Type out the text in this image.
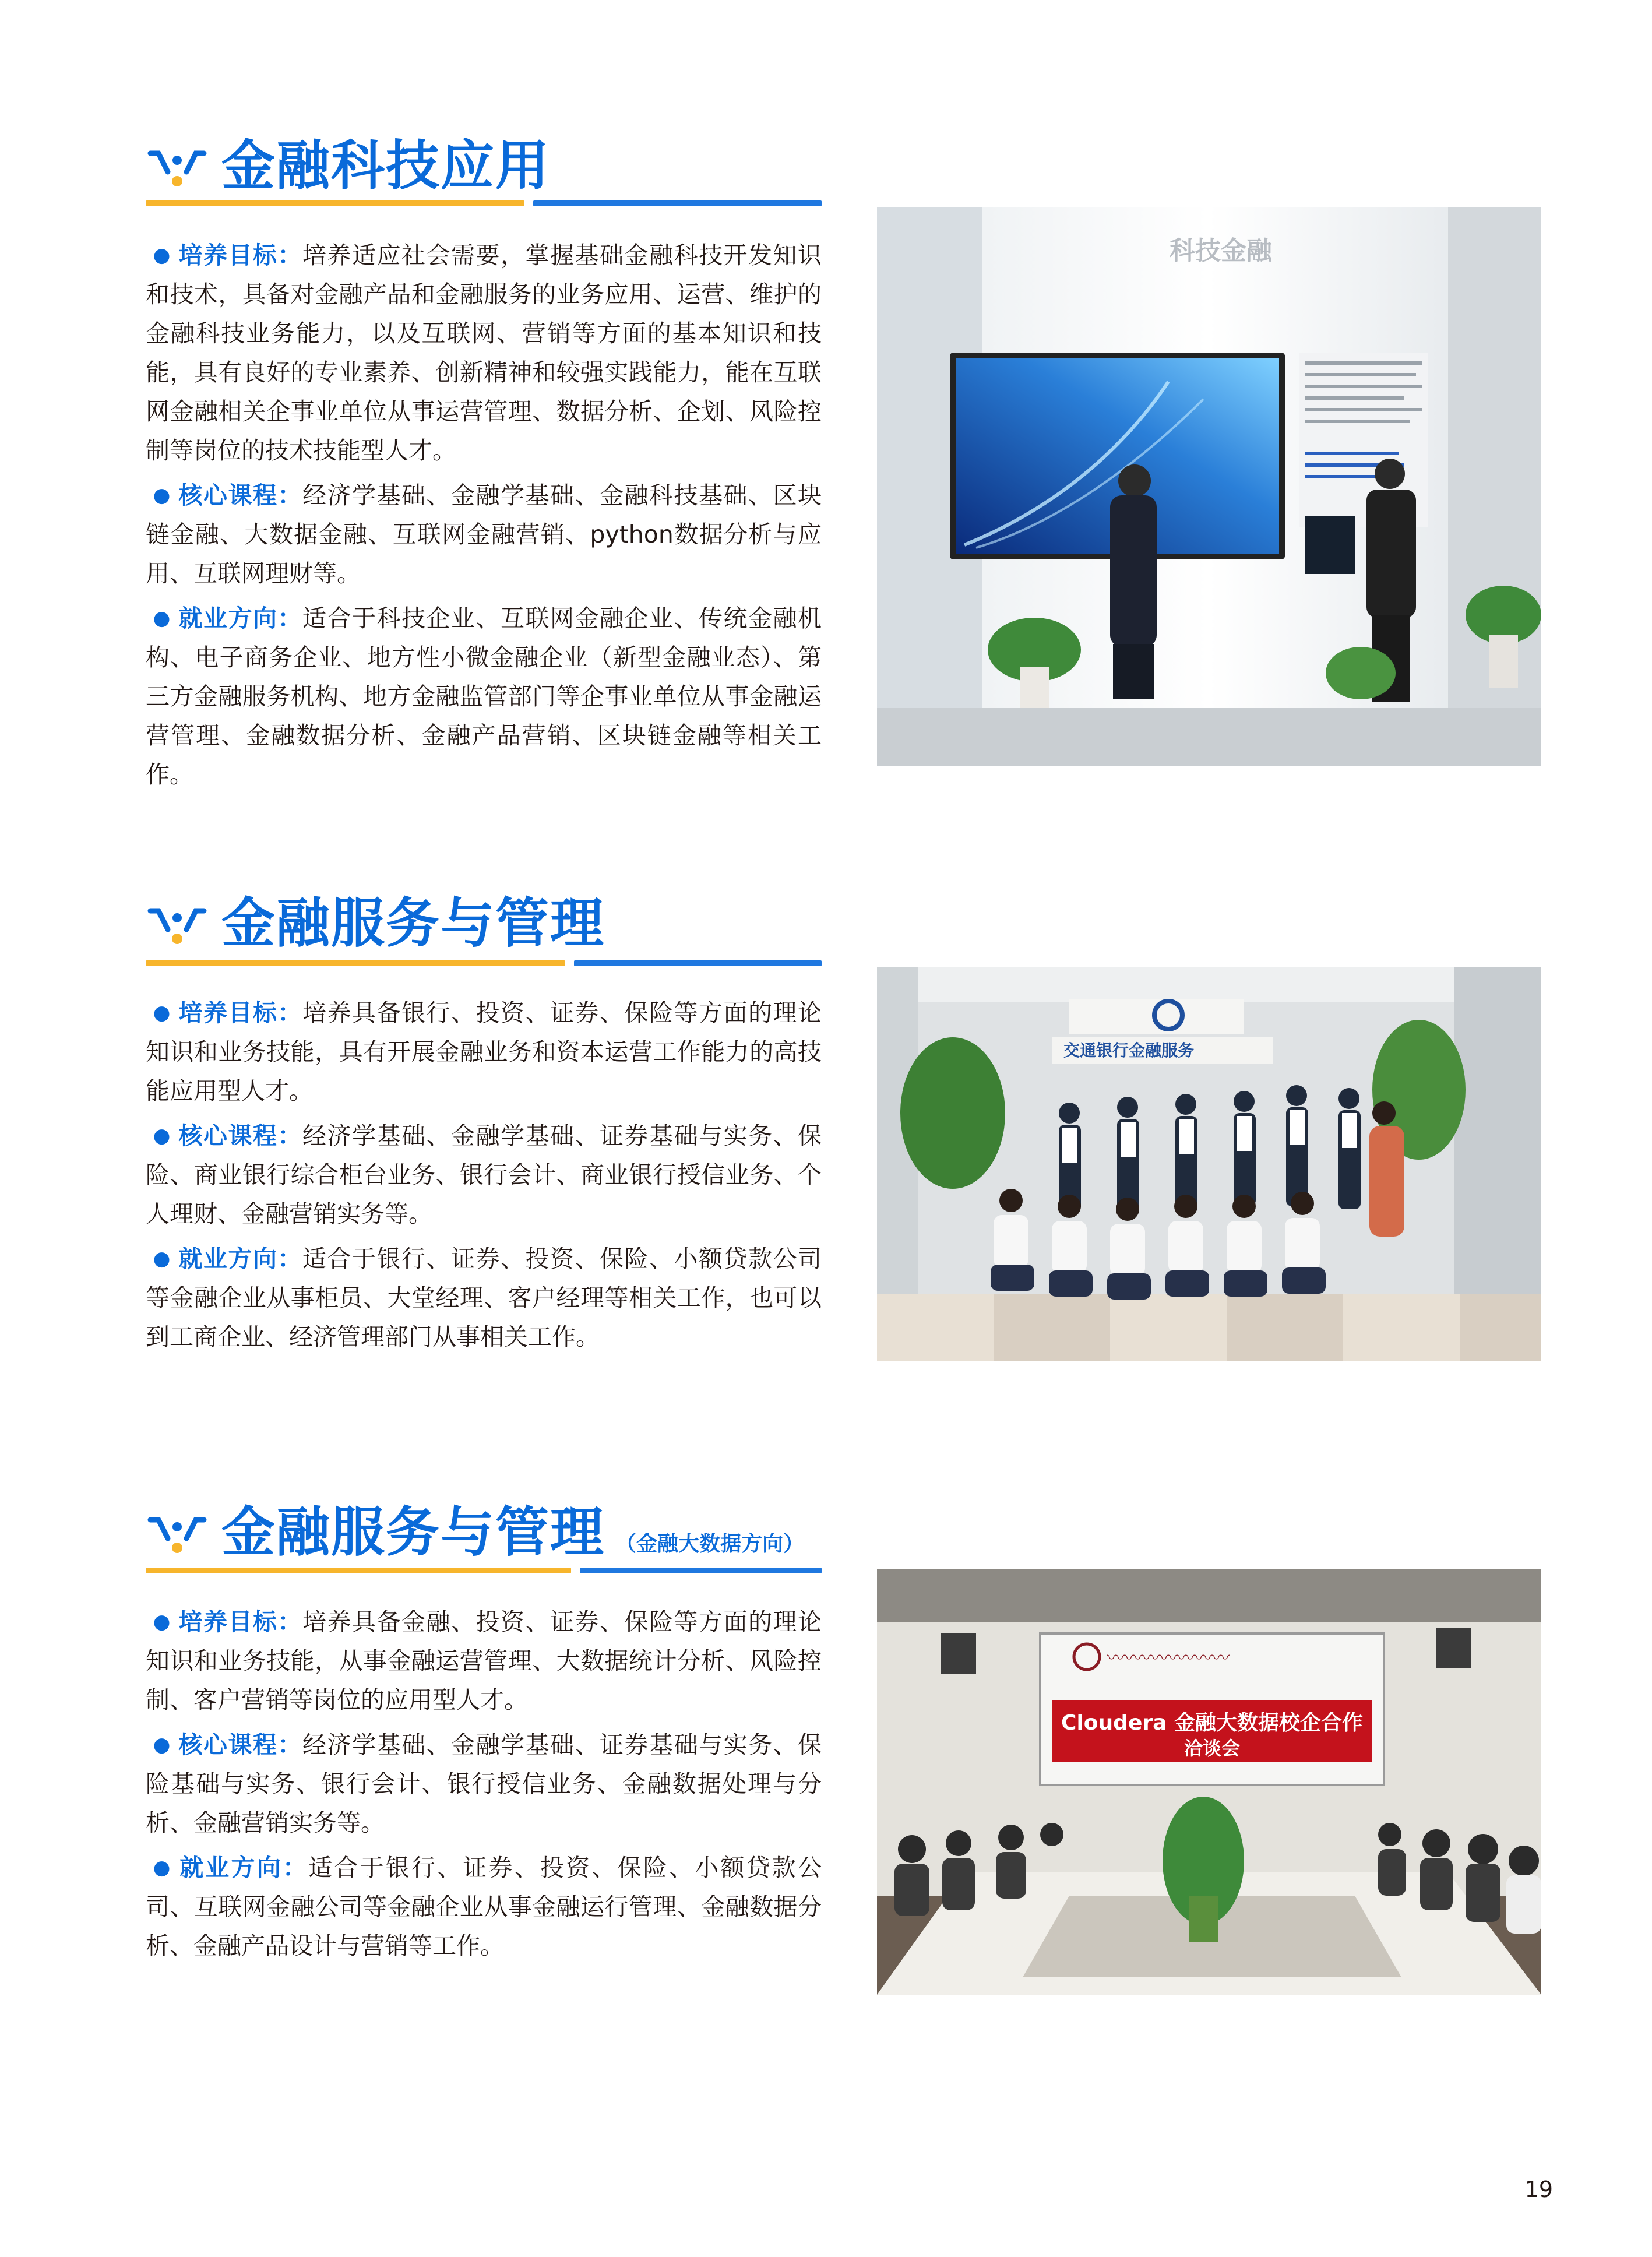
金融科技应用

● 培养目标：培养适应社会需要，掌握基础金融科技开发知识和技术，具备对金融产品和金融服务的业务应用、运营、维护的金融科技业务能力，以及互联网、营销等方面的基本知识和技能，具有良好的专业素养、创新精神和较强实践能力，能在互联网金融相关企事业单位从事运营管理、数据分析、企划、风险控制等岗位的技术技能型人才。

● 核心课程：经济学基础、金融学基础、金融科技基础、区块链金融、大数据金融、互联网金融营销、python数据分析与应用、互联网理财等。

● 就业方向：适合于科技企业、互联网金融企业、传统金融机构、电子商务企业、地方性小微金融企业（新型金融业态）、第三方金融服务机构、地方金融监管部门等企事业单位从事金融运营管理、金融数据分析、金融产品营销、区块链金融等相关工作。

科技金融
金融服务与管理

● 培养目标：培养具备银行、投资、证券、保险等方面的理论知识和业务技能，具有开展金融业务和资本运营工作能力的高技能应用型人才。

● 核心课程：经济学基础、金融学基础、证券基础与实务、保险、商业银行综合柜台业务、银行会计、商业银行授信业务、个人理财、金融营销实务等。

● 就业方向：适合于银行、证券、投资、保险、小额贷款公司等金融企业从事柜员、大堂经理、客户经理等相关工作，也可以到工商企业、经济管理部门从事相关工作。

交通银行金融服务
金融服务与管理 （金融大数据方向）

● 培养目标：培养具备金融、投资、证券、保险等方面的理论知识和业务技能，从事金融运营管理、大数据统计分析、风险控制、客户营销等岗位的应用型人才。

● 核心课程：经济学基础、金融学基础、证券基础与实务、保险基础与实务、银行会计、银行授信业务、金融数据处理与分析、金融营销实务等。

● 就业方向：适合于银行、证券、投资、保险、小额贷款公司、互联网金融公司等金融企业从事金融运行管理、金融数据分析、金融产品设计与营销等工作。

〰〰〰〰〰〰〰
Cloudera 金融大数据校企合作
洽谈会
19
